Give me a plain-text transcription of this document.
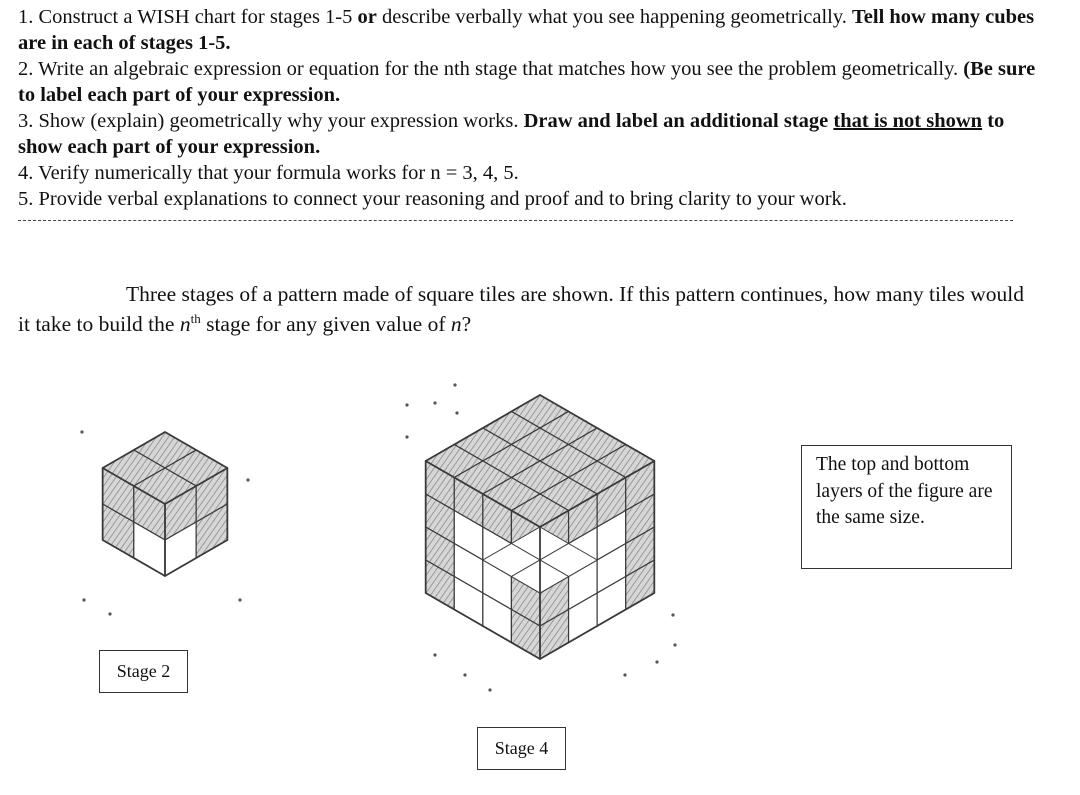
1. Construct a WISH chart for stages 1-5 or describe verbally what you see happening geometrically. Tell how many cubes are in each of stages 1-5.

2. Write an algebraic expression or equation for the nth stage that matches how you see the problem geometrically. (Be sure to label each part of your expression.

3. Show (explain) geometrically why your expression works. Draw and label an additional stage that is not shown to show each part of your expression.

4. Verify numerically that your formula works for n = 3, 4, 5.

5. Provide verbal explanations to connect your reasoning and proof and to bring clarity to your work.

Three stages of a pattern made of square tiles are shown. If this pattern continues, how many tiles would it take to build the $n^{th}$ stage for any given value of n?

Stage 2
Stage 4
The top and bottom layers of the figure are the same size.
